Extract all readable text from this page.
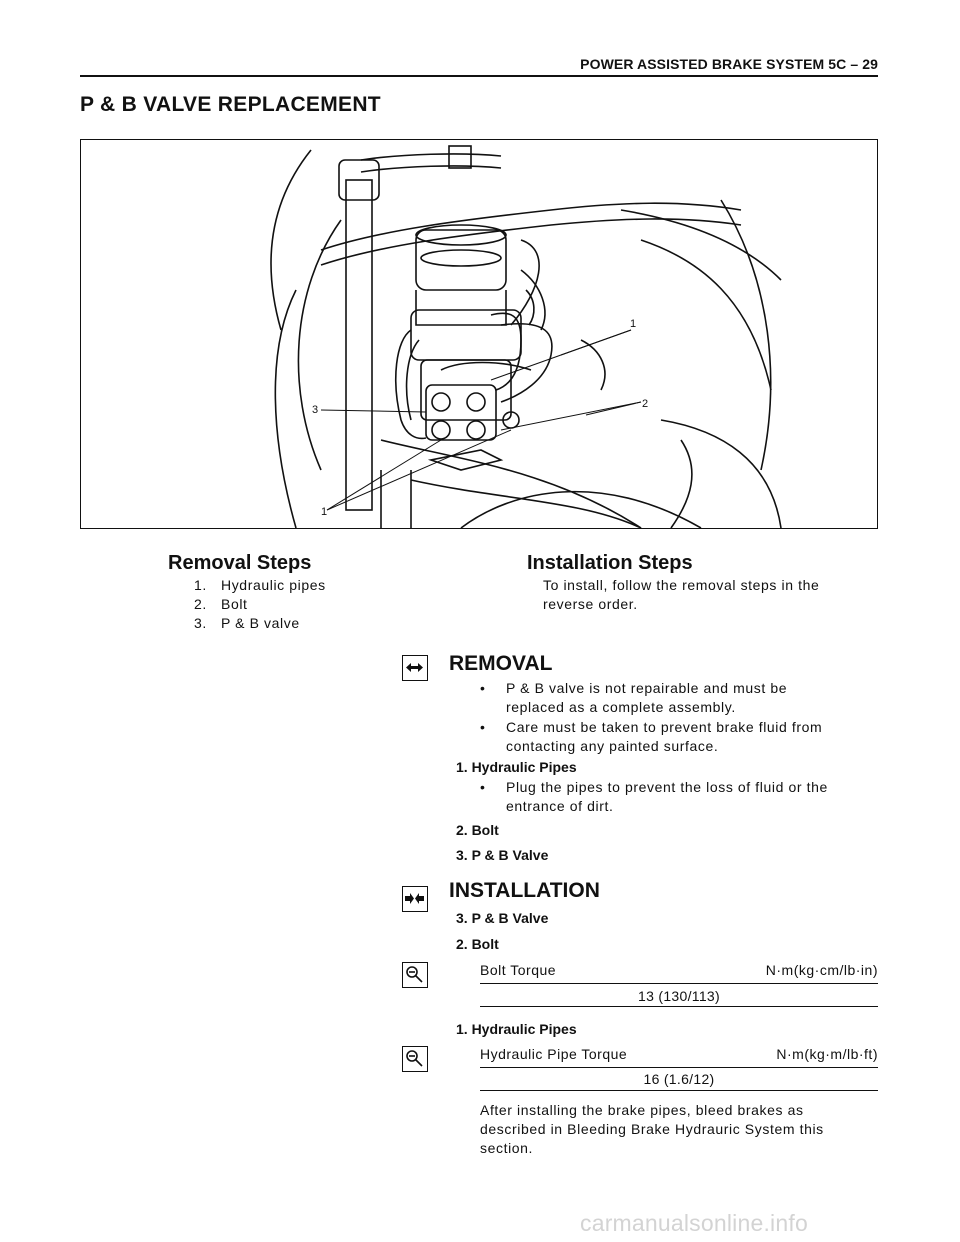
POWER ASSISTED BRAKE SYSTEM 5C – 29
P & B VALVE REPLACEMENT
1
2
3
1
Removal Steps
1.	Hydraulic pipes
2.	Bolt
3.	P & B valve
Installation Steps
To install, follow the removal steps in the
reverse order.
REMOVAL
•	P & B valve is not repairable and must be
replaced as a complete assembly.
•	Care must be taken to prevent brake fluid from
contacting any painted surface.
1. Hydraulic Pipes
•	Plug the pipes to prevent the loss of fluid or the
entrance of dirt.
2. Bolt
3. P & B Valve
INSTALLATION
3. P & B Valve
2. Bolt
Bolt Torque	N·m(kg·cm/lb·in)
13 (130/113)
1. Hydraulic Pipes
Hydraulic Pipe Torque	N·m(kg·m/lb·ft)
16 (1.6/12)
After installing the brake pipes, bleed brakes as
described in Bleeding Brake Hydrauric System this
section.
carmanualsonline.info
